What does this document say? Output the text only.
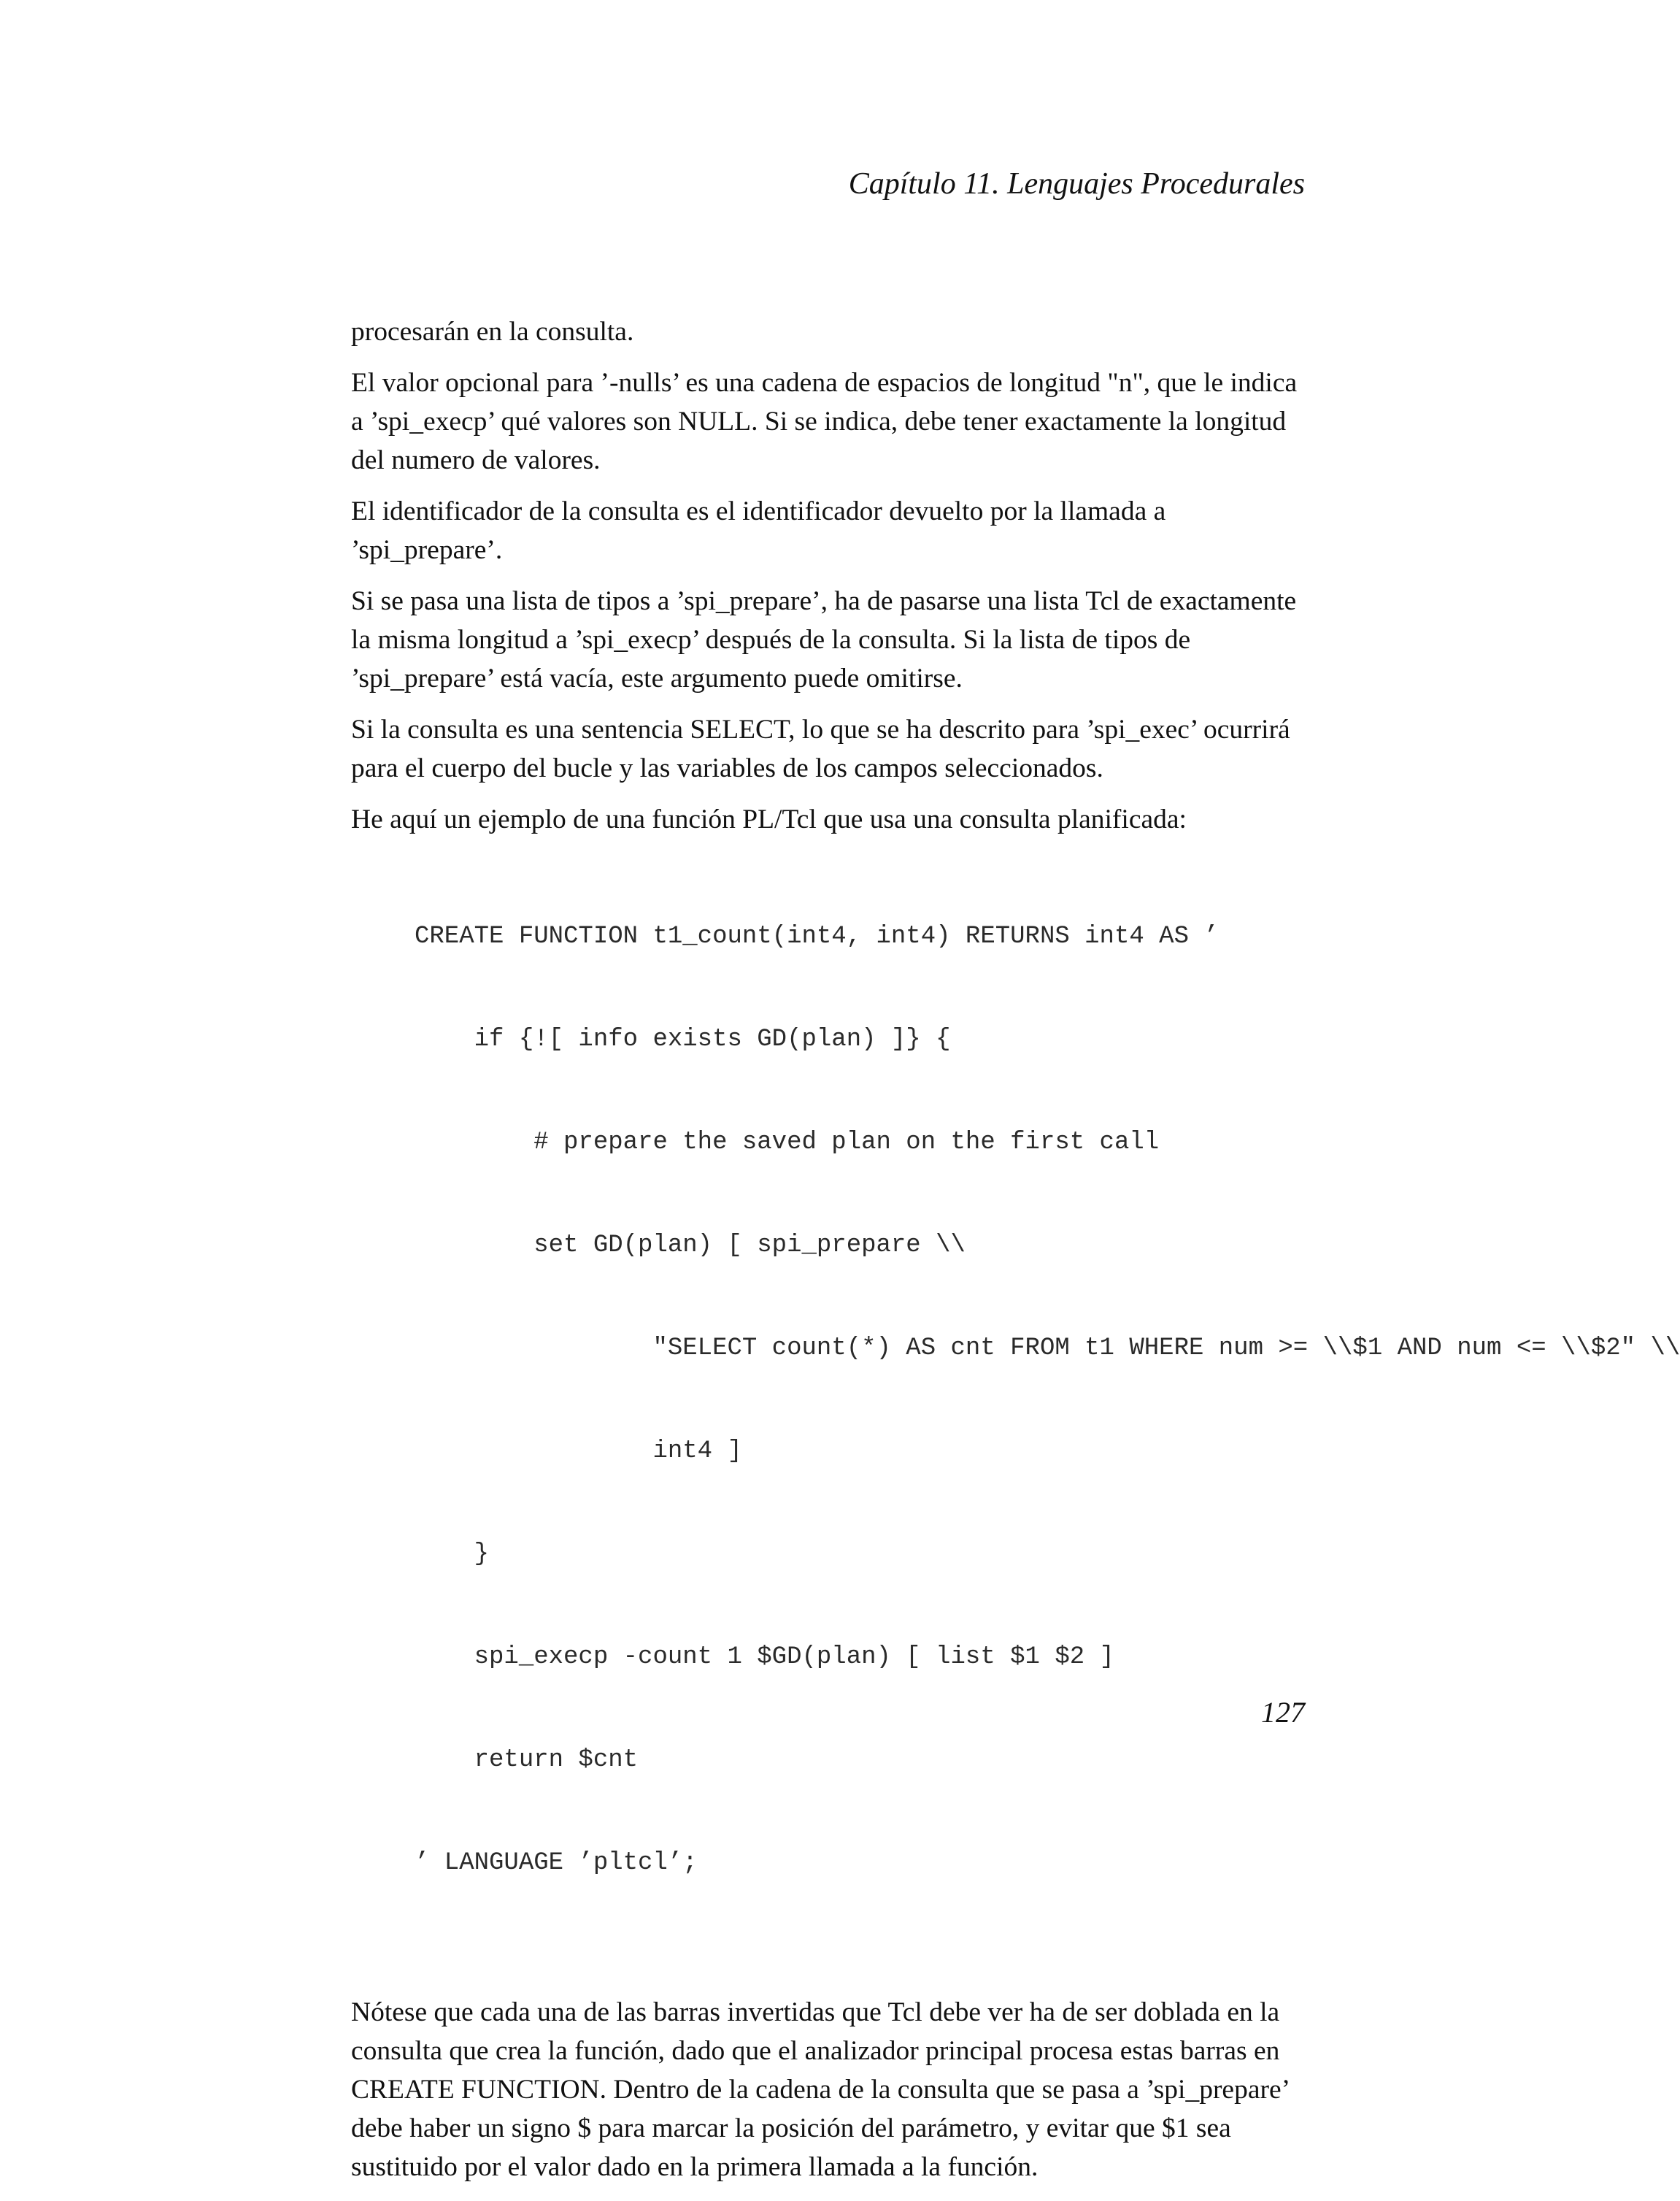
Capítulo 11. Lenguajes Procedurales

procesarán en la consulta.

El valor opcional para ’-nulls’ es una cadena de espacios de longitud "n", que le indica a ’spi_execp’ qué valores son NULL. Si se indica, debe tener exactamente la longitud del numero de valores.

El identificador de la consulta es el identificador devuelto por la llamada a ’spi_prepare’.

Si se pasa una lista de tipos a ’spi_prepare’, ha de pasarse una lista Tcl de exactamente la misma longitud a ’spi_execp’ después de la consulta. Si la lista de tipos de ’spi_prepare’ está vacía, este argumento puede omitirse.

Si la consulta es una sentencia SELECT, lo que se ha descrito para ’spi_exec’ ocurrirá para el cuerpo del bucle y las variables de los campos seleccionados.

He aquí un ejemplo de una función PL/Tcl que usa una consulta planificada:

CREATE FUNCTION t1_count(int4, int4) RETURNS int4 AS ’

if {![ info exists GD(plan) ]} {

# prepare the saved plan on the first call

set GD(plan) [ spi_prepare \\

"SELECT count(*) AS cnt FROM t1 WHERE num >= \\$1 AND num <= \\$2" \\

int4 ]

}

spi_execp -count 1 $GD(plan) [ list $1 $2 ]

return $cnt

’ LANGUAGE ’pltcl’;

Nótese que cada una de las barras invertidas que Tcl debe ver ha de ser doblada en la consulta que crea la función, dado que el analizador principal procesa estas barras en CREATE FUNCTION. Dentro de la cadena de la consulta que se pasa a ’spi_prepare’ debe haber un signo $ para marcar la posición del parámetro, y evitar que $1 sea sustituido por el valor dado en la primera llamada a la función.

127
